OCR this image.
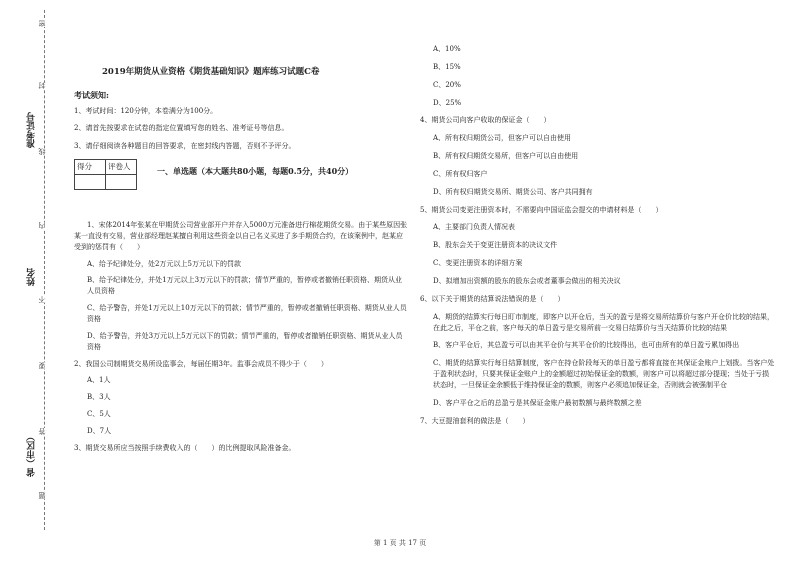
准考证号
姓名
省（市区）
密
封
线
内
不
要
答
题
2019年期货从业资格《期货基础知识》题库练习试题C卷
考试须知:
1、考试时间：120分钟，本卷满分为100分。
2、请首先按要求在试卷的指定位置填写您的姓名、准考证号等信息。
3、请仔细阅读各种题目的回答要求，在密封线内答题，否则不予评分。
得分	评卷人
		一、单选题（本大题共80小题，每题0.5分，共40分）
1、宋体2014年张某在甲期货公司营业部开户并存入5000万元准备进行棉花期货交易。由于某些原因张某一直没有交易，营业部经理赵某擅自利用这些资金以自己名义买进了多手期货合约，在该案例中，赵某应受到的惩罚有（　　）
A、给予纪律处分，处2万元以上5万元以下的罚款
B、给予纪律处分，并处1万元以上3万元以下的罚款；情节严重的，暂停或者撤销任职资格、期货从业人员资格
C、给予警告，并处1万元以上10万元以下的罚款；情节严重的，暂停或者撤销任职资格、期货从业人员资格
D、给予警告，并处3万元以上5万元以下的罚款；情节严重的，暂停或者撤销任职资格、期货从业人员资格
2、我国公司制期货交易所设监事会，每届任期3年。监事会成员不得少于（　　）
A、1人
B、3人
C、5人
D、7人
3、期货交易所应当按照手续费收入的（　　）的比例提取风险准备金。
A、10%
B、15%
C、20%
D、25%
4、期货公司向客户收取的保证金（　　）
A、所有权归期货公司，但客户可以自由使用
B、所有权归期货交易所，但客户可以自由使用
C、所有权归客户
D、所有权归期货交易所、期货公司、客户共同拥有
5、期货公司变更注册资本时，不需要向中国证监会提交的申请材料是（　　）
A、主要部门负责人情况表
B、股东会关于变更注册资本的决议文件
C、变更注册资本的详细方案
D、拟增加出资额的股东的股东会或者董事会做出的相关决议
6、以下关于期货的结算说法错误的是（　　）
A、期货的结算实行每日盯市制度，即客户以开仓后，当天的盈亏是将交易所结算价与客户开仓价比较的结果，在此之后，平仓之前，客户每天的单日盈亏是交易所前一交易日结算价与当天结算价比较的结果
B、客户平仓后，其总盈亏可以由其平仓价与其平仓价的比较得出，也可由所有的单日盈亏累加得出
C、期货的结算实行每日结算制度，客户在持仓阶段每天的单日盈亏都将直接在其保证金账户上划拨。当客户处于盈利状态时，只要其保证金账户上的金额超过初始保证金的数额，则客户可以将超过部分提现；当处于亏损状态时，一旦保证金余额低于维持保证金的数额，则客户必须追加保证金，否则就会被强制平仓
D、客户平仓之后的总盈亏是其保证金账户最初数额与最终数额之差
7、大豆提油套利的做法是（　　）
第 1 页 共 17 页
